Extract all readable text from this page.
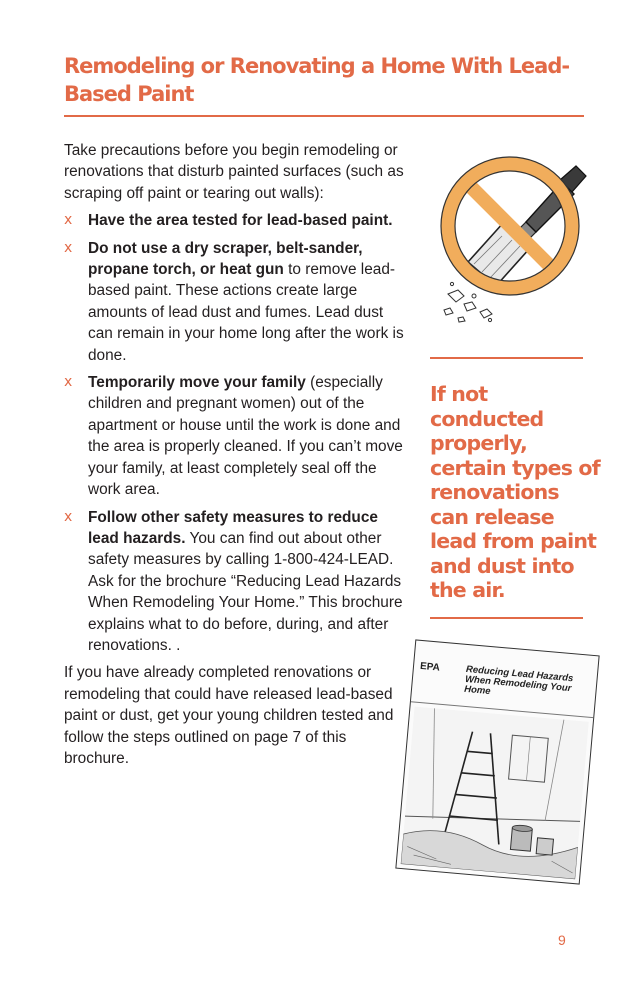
Remodeling or Renovating a Home With Lead-Based Paint

Take precautions before you begin remodeling or renovations that disturb painted surfaces (such as scraping off paint or tearing out walls):

x Have the area tested for lead-based paint.
x Do not use a dry scraper, belt-sander, propane torch, or heat gun to remove lead-based paint. These actions create large amounts of lead dust and fumes. Lead dust can remain in your home long after the work is done.
x Temporarily move your family (especially children and pregnant women) out of the apartment or house until the work is done and the area is properly cleaned. If you can’t move your family, at least completely seal off the work area.
x Follow other safety measures to reduce lead hazards. You can find out about other safety measures by calling 1-800-424-LEAD. Ask for the brochure “Reducing Lead Hazards When Remodeling Your Home.” This brochure explains what to do before, during, and after renovations. .

If you have already completed renovations or remodeling that could have released lead-based paint or dust, get your young children tested and follow the steps outlined on page 7 of this brochure.

If not conducted properly, certain types of renovations can release lead from paint and dust into the air.
EPA	Reducing Lead Hazards When Remodeling Your Home
9
